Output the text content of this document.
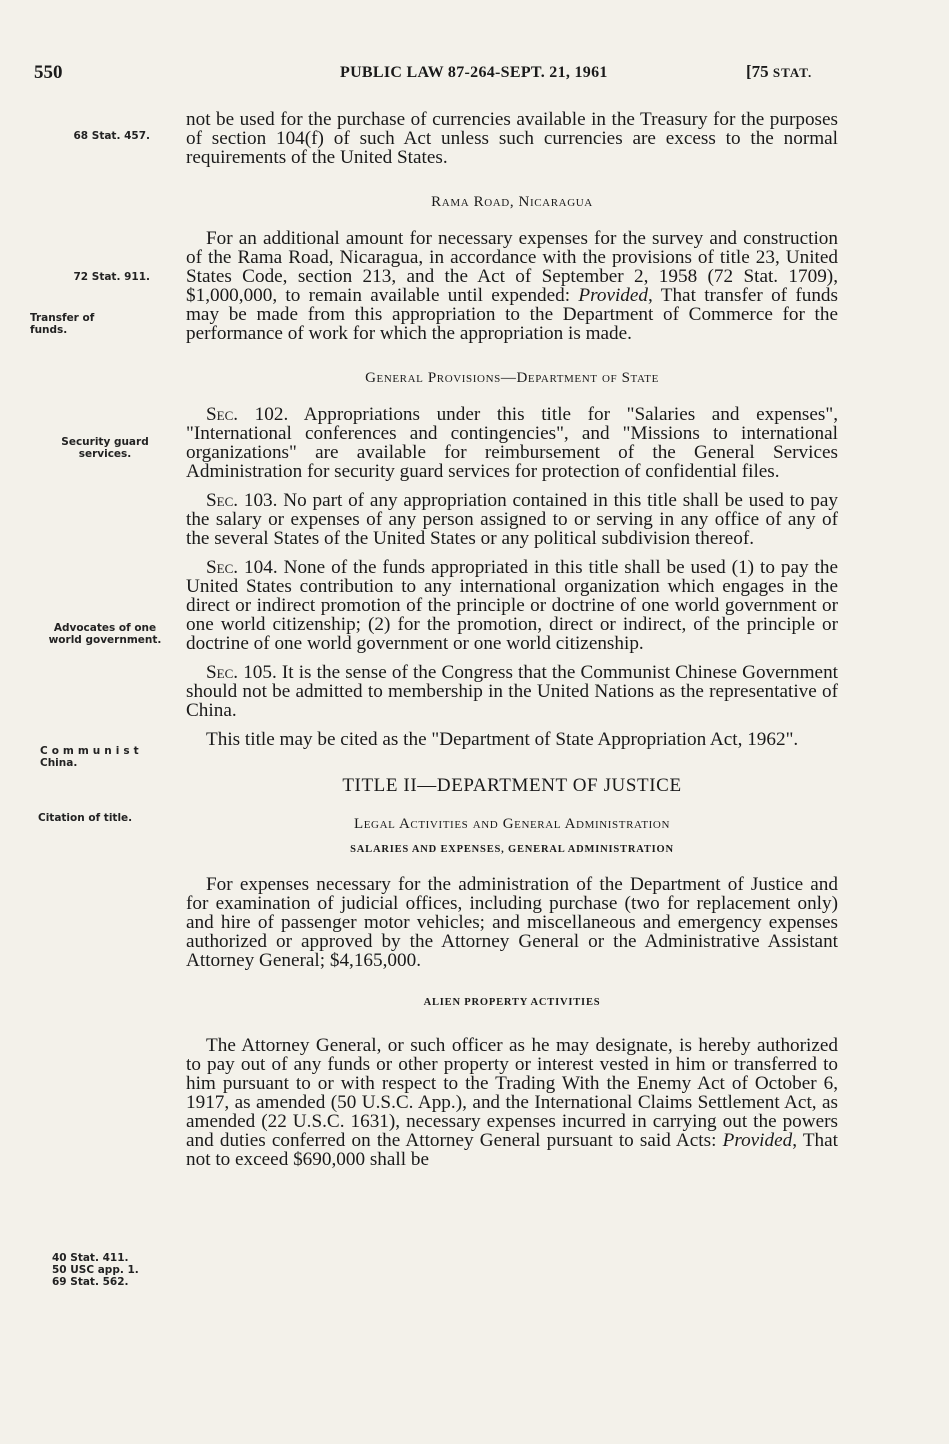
550	PUBLIC LAW 87-264-SEPT. 21, 1961	[75 STAT.
68 Stat. 457.
72 Stat. 911.
Transfer of
funds.
Security guard
services.
Advocates of one
world government.
Communist
China.
Citation of title.
40 Stat. 411.
50 USC app. 1.
69 Stat. 562.

not be used for the purchase of currencies available in the Treasury for the purposes of section 104(f) of such Act unless such currencies are excess to the normal requirements of the United States.

Rama Road, Nicaragua

For an additional amount for necessary expenses for the survey and construction of the Rama Road, Nicaragua, in accordance with the provisions of title 23, United States Code, section 213, and the Act of September 2, 1958 (72 Stat. 1709), $1,000,000, to remain available until expended: Provided, That transfer of funds may be made from this appropriation to the Department of Commerce for the performance of work for which the appropriation is made.

General Provisions—Department of State

Sec. 102. Appropriations under this title for "Salaries and expenses", "International conferences and contingencies", and "Missions to international organizations" are available for reimbursement of the General Services Administration for security guard services for protection of confidential files.

Sec. 103. No part of any appropriation contained in this title shall be used to pay the salary or expenses of any person assigned to or serving in any office of any of the several States of the United States or any political subdivision thereof.

Sec. 104. None of the funds appropriated in this title shall be used (1) to pay the United States contribution to any international organization which engages in the direct or indirect promotion of the principle or doctrine of one world government or one world citizenship; (2) for the promotion, direct or indirect, of the principle or doctrine of one world government or one world citizenship.

Sec. 105. It is the sense of the Congress that the Communist Chinese Government should not be admitted to membership in the United Nations as the representative of China.

This title may be cited as the "Department of State Appropriation Act, 1962".

TITLE II—DEPARTMENT OF JUSTICE

Legal Activities and General Administration

SALARIES AND EXPENSES, GENERAL ADMINISTRATION

For expenses necessary for the administration of the Department of Justice and for examination of judicial offices, including purchase (two for replacement only) and hire of passenger motor vehicles; and miscellaneous and emergency expenses authorized or approved by the Attorney General or the Administrative Assistant Attorney General; $4,165,000.

ALIEN PROPERTY ACTIVITIES

The Attorney General, or such officer as he may designate, is hereby authorized to pay out of any funds or other property or interest vested in him or transferred to him pursuant to or with respect to the Trading With the Enemy Act of October 6, 1917, as amended (50 U.S.C. App.), and the International Claims Settlement Act, as amended (22 U.S.C. 1631), necessary expenses incurred in carrying out the powers and duties conferred on the Attorney General pursuant to said Acts: Provided, That not to exceed $690,000 shall be
